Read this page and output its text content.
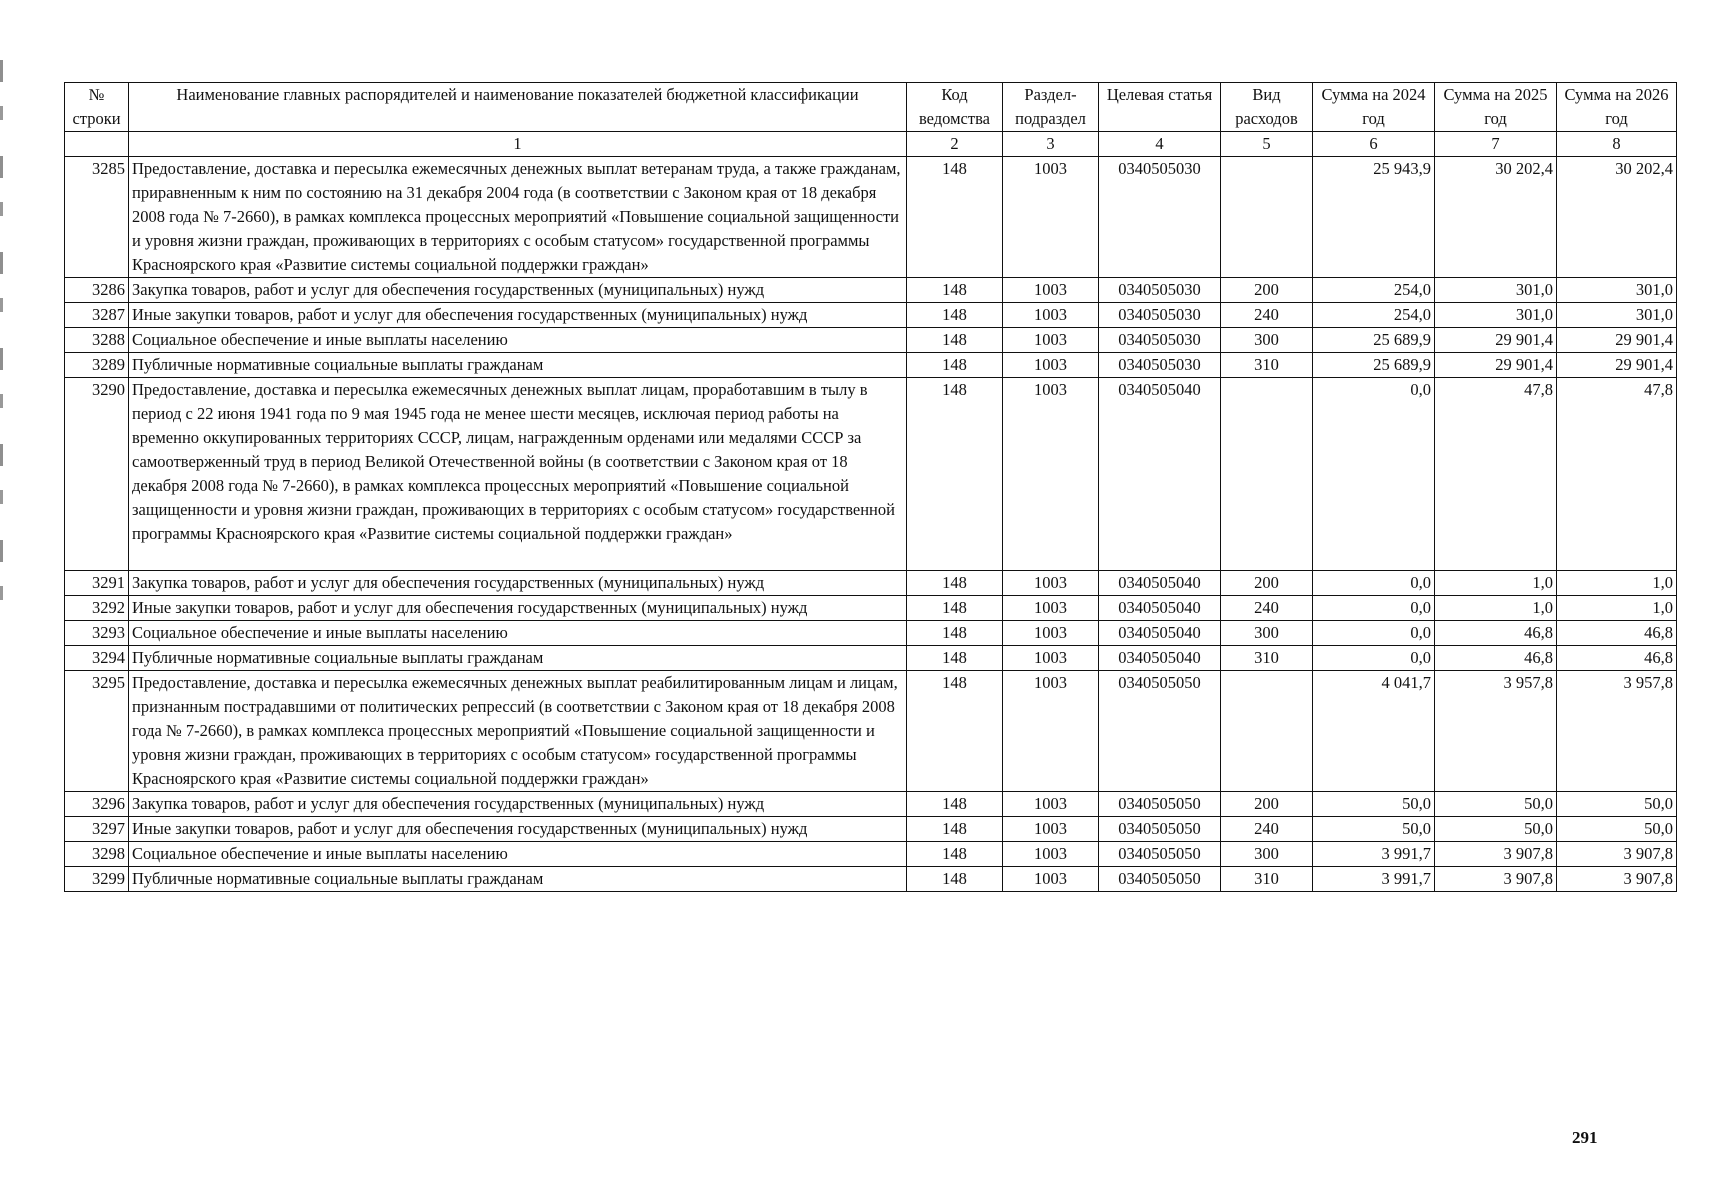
№ строки	Наименование главных распорядителей и наименование показателей бюджетной классификации	Код ведомства	Раздел-подраздел	Целевая статья	Вид расходов	Сумма на 2024 год	Сумма на 2025 год	Сумма на 2026 год
	1	2	3	4	5	6	7	8
3285	Предоставление, доставка и пересылка ежемесячных денежных выплат ветеранам труда, а также гражданам, приравненным к ним по состоянию на 31 декабря 2004 года (в соответствии с Законом края от 18 декабря 2008 года № 7-2660), в рамках комплекса процессных мероприятий «Повышение социальной защищенности и уровня жизни граждан, проживающих в территориях с особым статусом» государственной программы Красноярского края «Развитие системы социальной поддержки граждан»	148	1003	0340505030		25 943,9	30 202,4	30 202,4
3286	Закупка товаров, работ и услуг для обеспечения государственных (муниципальных) нужд	148	1003	0340505030	200	254,0	301,0	301,0
3287	Иные закупки товаров, работ и услуг для обеспечения государственных (муниципальных) нужд	148	1003	0340505030	240	254,0	301,0	301,0
3288	Социальное обеспечение и иные выплаты населению	148	1003	0340505030	300	25 689,9	29 901,4	29 901,4
3289	Публичные нормативные социальные выплаты гражданам	148	1003	0340505030	310	25 689,9	29 901,4	29 901,4
3290	Предоставление, доставка и пересылка ежемесячных денежных выплат лицам, проработавшим в тылу в период с 22 июня 1941 года по 9 мая 1945 года не менее шести месяцев, исключая период работы на временно оккупированных территориях СССР, лицам, награжденным орденами или медалями СССР за самоотверженный труд в период Великой Отечественной войны (в соответствии с Законом края от 18 декабря 2008 года № 7-2660), в рамках комплекса процессных мероприятий «Повышение социальной защищенности и уровня жизни граждан, проживающих в территориях с особым статусом» государственной программы Красноярского края «Развитие системы социальной поддержки граждан»	148	1003	0340505040		0,0	47,8	47,8
3291	Закупка товаров, работ и услуг для обеспечения государственных (муниципальных) нужд	148	1003	0340505040	200	0,0	1,0	1,0
3292	Иные закупки товаров, работ и услуг для обеспечения государственных (муниципальных) нужд	148	1003	0340505040	240	0,0	1,0	1,0
3293	Социальное обеспечение и иные выплаты населению	148	1003	0340505040	300	0,0	46,8	46,8
3294	Публичные нормативные социальные выплаты гражданам	148	1003	0340505040	310	0,0	46,8	46,8
3295	Предоставление, доставка и пересылка ежемесячных денежных выплат реабилитированным лицам и лицам, признанным пострадавшими от политических репрессий (в соответствии с Законом края от 18 декабря 2008 года № 7-2660), в рамках комплекса процессных мероприятий «Повышение социальной защищенности и уровня жизни граждан, проживающих в территориях с особым статусом» государственной программы Красноярского края «Развитие системы социальной поддержки граждан»	148	1003	0340505050		4 041,7	3 957,8	3 957,8
3296	Закупка товаров, работ и услуг для обеспечения государственных (муниципальных) нужд	148	1003	0340505050	200	50,0	50,0	50,0
3297	Иные закупки товаров, работ и услуг для обеспечения государственных (муниципальных) нужд	148	1003	0340505050	240	50,0	50,0	50,0
3298	Социальное обеспечение и иные выплаты населению	148	1003	0340505050	300	3 991,7	3 907,8	3 907,8
3299	Публичные нормативные социальные выплаты гражданам	148	1003	0340505050	310	3 991,7	3 907,8	3 907,8
291
